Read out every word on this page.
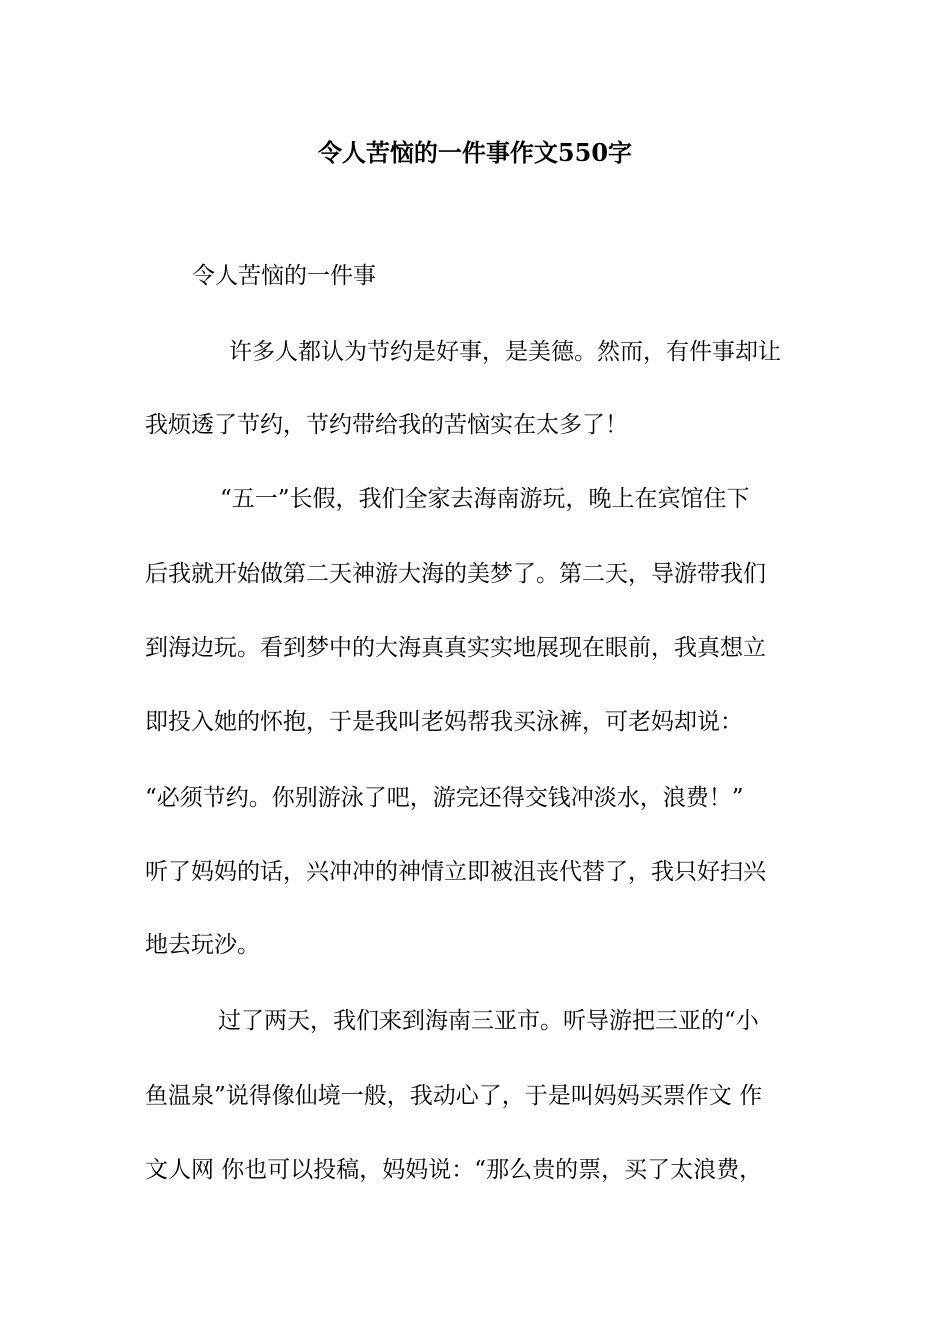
令人苦恼的一件事作文550字
令人苦恼的一件事
许多人都认为节约是好事，是美德。然而，有件事却让
我烦透了节约，节约带给我的苦恼实在太多了！
“五一”长假，我们全家去海南游玩，晚上在宾馆住下
后我就开始做第二天神游大海的美梦了。第二天，导游带我们
到海边玩。看到梦中的大海真真实实地展现在眼前，我真想立
即投入她的怀抱，于是我叫老妈帮我买泳裤，可老妈却说：
“必须节约。你别游泳了吧，游完还得交钱冲淡水，浪费！”
听了妈妈的话，兴冲冲的神情立即被沮丧代替了，我只好扫兴
地去玩沙。
过了两天，我们来到海南三亚市。听导游把三亚的“小
鱼温泉”说得像仙境一般，我动心了，于是叫妈妈买票作文 作
文人网 你也可以投稿，妈妈说：“那么贵的票，买了太浪费，
